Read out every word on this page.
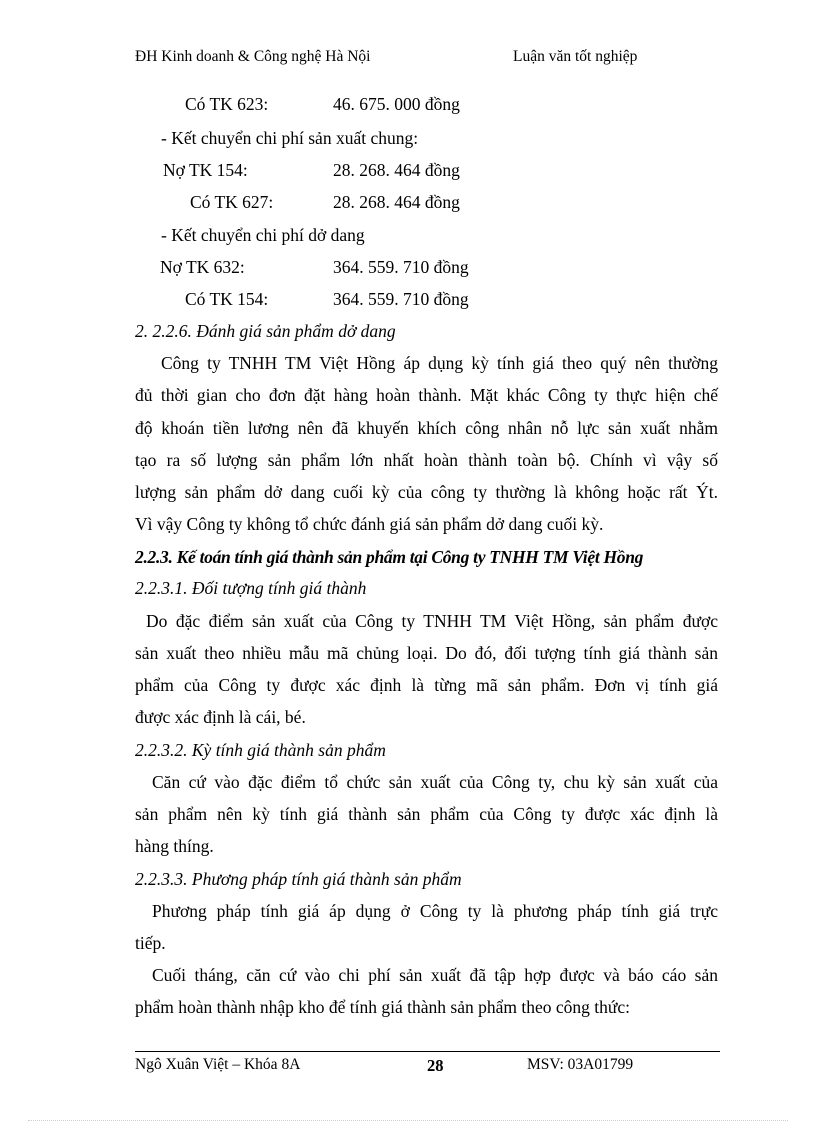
ĐH Kinh doanh & Công nghệ Hà Nội	Luận văn tốt nghiệp
Có TK 623:	46. 675. 000 đồng
- Kết chuyển chi phí sản xuất chung:
Nợ TK 154:	28. 268. 464 đồng
Có TK 627:	28. 268. 464 đồng
- Kết chuyển chi phí dở dang
Nợ TK 632:	364. 559. 710 đồng
Có TK 154:	364. 559. 710 đồng
2. 2.2.6. Đánh giá sản phẩm dở dang
Công ty TNHH TM Việt Hồng áp dụng kỳ tính giá theo quý nên thường
đủ thời gian cho đơn đặt hàng hoàn thành. Mặt khác Công ty thực hiện chế
độ khoán tiền lương nên đã khuyến khích công nhân nỗ lực sản xuất nhằm
tạo ra số lượng sản phẩm lớn nhất hoàn thành toàn bộ. Chính vì vậy số
lượng sản phẩm dở dang cuối kỳ của công ty thường là không hoặc rất Ýt.
Vì vậy Công ty không tổ chức đánh giá sản phẩm dở dang cuối kỳ.
2.2.3. Kế toán tính giá thành sản phẩm tại Công ty TNHH TM Việt Hồng
2.2.3.1. Đối tượng tính giá thành
Do đặc điểm sản xuất của Công ty TNHH TM Việt Hồng, sản phẩm được
sản xuất theo nhiều mẫu mã chủng loại. Do đó, đối tượng tính giá thành sản
phẩm của Công ty được xác định là từng mã sản phẩm. Đơn vị tính giá
được xác định là cái, bé.
2.2.3.2. Kỳ tính giá thành sản phẩm
Căn cứ vào đặc điểm tổ chức sản xuất của Công ty, chu kỳ sản xuất của
sản phẩm nên kỳ tính giá thành sản phẩm của Công ty được xác định là
hàng thíng.
2.2.3.3. Phương pháp tính giá thành sản phẩm
Phương pháp tính giá áp dụng ở Công ty là phương pháp tính giá trực
tiếp.
Cuối tháng, căn cứ vào chi phí sản xuất đã tập hợp được và báo cáo sản
phẩm hoàn thành nhập kho để tính giá thành sản phẩm theo công thức:
Ngô Xuân Việt – Khóa 8A	28	MSV: 03A01799
